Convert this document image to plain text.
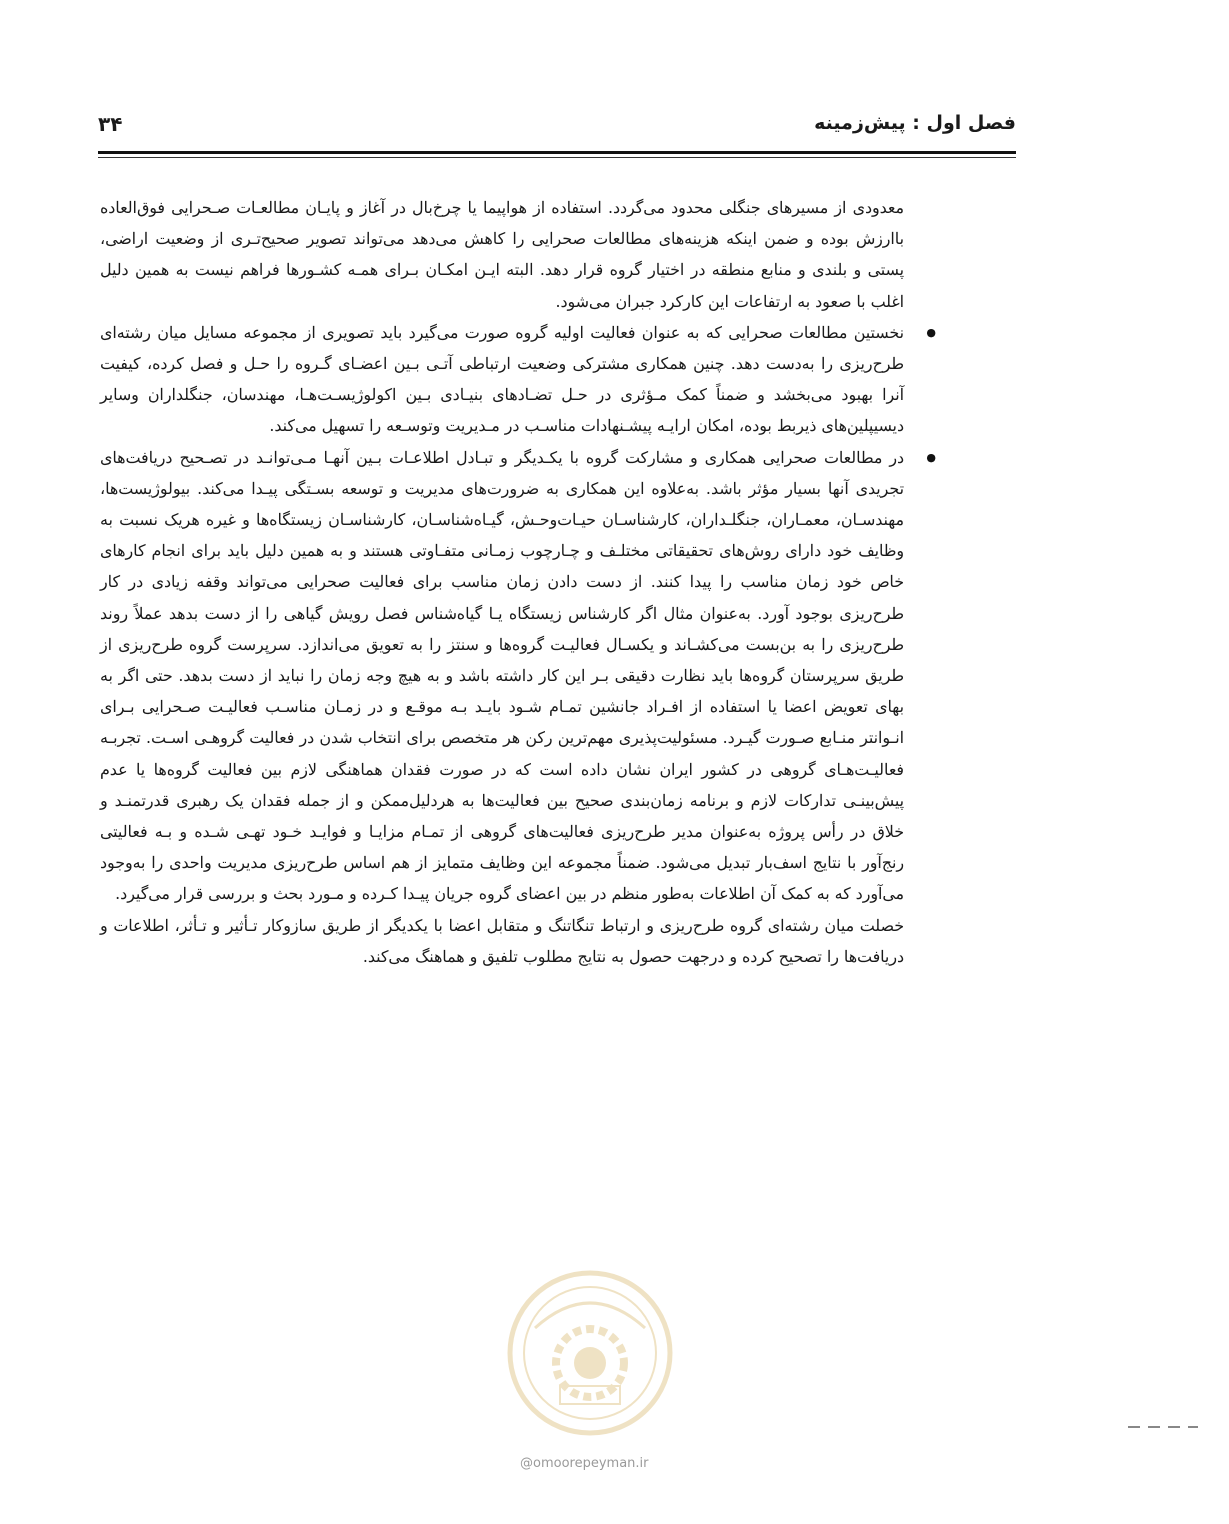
فصل اول : پیش‌زمینه
۳۴

معدودی از مسیرهای جنگلی محدود می‌گردد. استفاده از هواپیما یا چرخ‌بال در آغاز و پایـان مطالعـات صـحرایی فوق‌العاده باارزش بوده و ضمن اینکه هزینه‌های مطالعات صحرایی را کاهش می‌دهد می‌تواند تصویر صحیح‌تـری از وضعیت اراضی، پستی و بلندی و منابع منطقه در اختیار گروه قرار دهد. البته ایـن امکـان بـرای همـه کشـورها فراهم نیست به همین دلیل اغلب با صعود به ارتفاعات این کارکرد جبران می‌شود.

● نخستین مطالعات صحرایی که به عنوان فعالیت اولیه گروه صورت می‌گیرد باید تصویری از مجموعه مسایل میان رشته‌ای طرح‌ریزی را به‌دست دهد. چنین همکاری مشترکی وضعیت ارتباطی آتـی بـین اعضـای گـروه را حـل و فصل کرده، کیفیت آنرا بهبود می‌بخشد و ضمناً کمک مـؤثری در حـل تضـادهای بنیـادی بـین اکولوژیسـت‌هـا، مهندسان، جنگلداران وسایر دیسیپلین‌های ذیربط بوده، امکان ارایـه پیشـنهادات مناسـب در مـدیریت وتوسـعه را تسهیل می‌کند.

● در مطالعات صحرایی همکاری و مشارکت گروه با یکـدیگر و تبـادل اطلاعـات بـین آنهـا مـی‌توانـد در تصـحیح دریافت‌های تجریدی آنها بسیار مؤثر باشد. به‌علاوه این همکاری به ضرورت‌های مدیریت و توسعه بسـتگی پیـدا می‌کند. بیولوژیست‌ها، مهندسـان، معمـاران، جنگلـداران، کارشناسـان حیـات‌وحـش، گیـاه‌شناسـان، کارشناسـان زیستگاه‌ها و غیره هریک نسبت به وظایف خود دارای روش‌های تحقیقاتی مختلـف و چـارچوب زمـانی متفـاوتی هستند و به همین دلیل باید برای انجام کارهای خاص خود زمان مناسب را پیدا کنند. از دست دادن زمان مناسب برای فعالیت صحرایی می‌تواند وقفه زیادی در کار طرح‌ریزی بوجود آورد. به‌عنوان مثال اگر کارشناس زیستگاه یـا گیاه‌شناس فصل رویش گیاهی را از دست بدهد عملاً روند طرح‌ریزی را به بن‌بست می‌کشـاند و یکسـال فعالیـت گروه‌ها و سنتز را به تعویق می‌اندازد. سرپرست گروه طرح‌ریزی از طریق سرپرستان گروه‌ها باید نظارت دقیقی بـر این کار داشته باشد و به هیچ وجه زمان را نباید از دست بدهد. حتی اگر به بهای تعویض اعضا یا استفاده از افـراد جانشین تمـام شـود بایـد بـه موقـع و در زمـان مناسـب فعالیـت صـحرایی بـرای انـوانتر منـابع صـورت گیـرد. مسئولیت‌پذیری مهم‌ترین رکن هر متخصص برای انتخاب شدن در فعالیت گروهـی اسـت. تجربـه فعالیـت‌هـای گروهی در کشور ایران نشان داده است که در صورت فقدان هماهنگی لازم بین فعالیت گروه‌ها یا عدم پیش‌بینـی تدارکات لازم و برنامه زمان‌بندی صحیح بین فعالیت‌ها به هردلیل‌ممکن و از جمله فقدان یک رهبری قدرتمنـد و خلاق در رأس پروژه به‌عنوان مدیر طرح‌ریزی فعالیت‌های گروهی از تمـام مزایـا و فوایـد خـود تهـی شـده و بـه فعالیتی رنج‌آور با نتایج اسف‌بار تبدیل می‌شود. ضمناً مجموعه این وظایف متمایز از هم اساس طرح‌ریزی مدیریت واحدی را به‌وجود می‌آورد که به کمک آن اطلاعات به‌طور منظم در بین اعضای گروه جریان پیـدا کـرده و مـورد بحث و بررسی قرار می‌گیرد.

خصلت میان رشته‌ای گروه طرح‌ریزی و ارتباط تنگاتنگ و متقابل اعضا با یکدیگر از طریق سازوکار تـأثیر و تـأثر، اطلاعات و دریافت‌ها را تصحیح کرده و درجهت حصول به نتایج مطلوب تلفیق و هماهنگ می‌کند.

@omoorepeyman.ir
